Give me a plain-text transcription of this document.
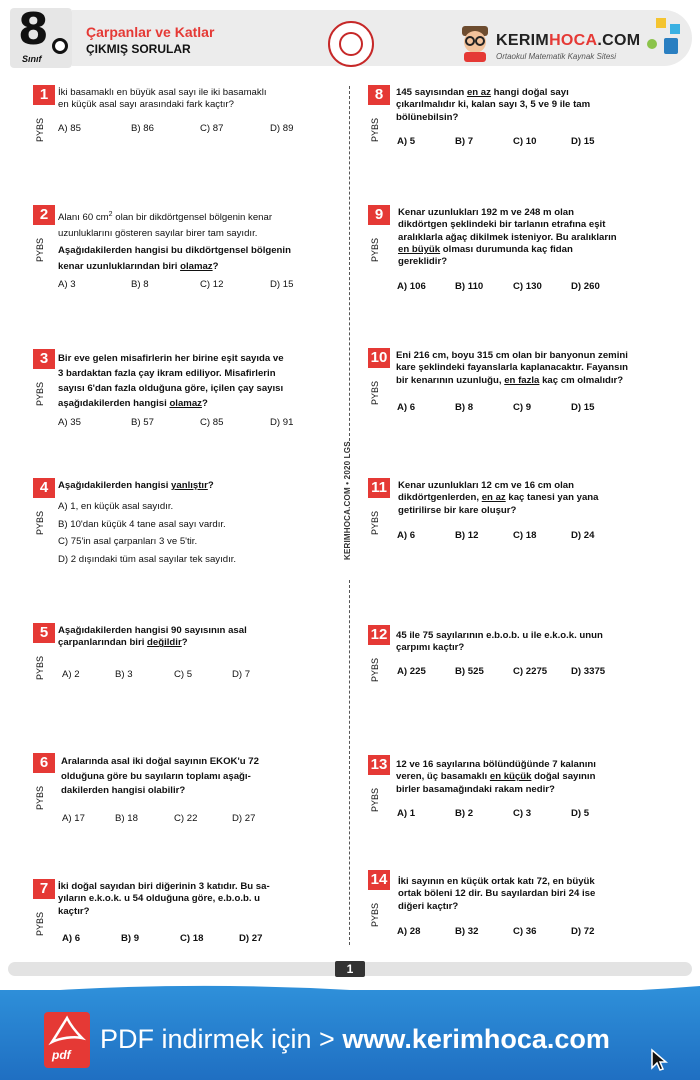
8
Sınıf
Çarpanlar ve Katlar
ÇIKMIŞ SORULAR	KERIMHOCA.COM
Ortaokul Matematik Kaynak Sitesi
KERIMHOCA.COM • 2020 LGS
1
PYBS
İki basamaklı en büyük asal sayı ile iki basamaklı
en küçük asal sayı arasındaki fark kaçtır?
A) 85	B) 86	C) 87	D) 89
2
PYBS
Alanı 60 $cm^2$ olan bir dikdörtgensel bölgenin kenar
uzunluklarını gösteren sayılar birer tam sayıdır.
Aşağıdakilerden hangisi bu dikdörtgensel bölgenin
kenar uzunluklarından biri olamaz?
A) 3	B) 8	C) 12	D) 15
3
PYBS
Bir eve gelen misafirlerin her birine eşit sayıda ve
3 bardaktan fazla çay ikram ediliyor. Misafirlerin
sayısı 6'dan fazla olduğuna göre, içilen çay sayısı
aşağıdakilerden hangisi olamaz?
A) 35	B) 57	C) 85	D) 91
4
PYBS
Aşağıdakilerden hangisi yanlıştır?
A) 1, en küçük asal sayıdır.
B) 10'dan küçük 4 tane asal sayı vardır.
C) 75'in asal çarpanları 3 ve 5'tir.
D) 2 dışındaki tüm asal sayılar tek sayıdır.
5
PYBS
Aşağıdakilerden hangisi 90 sayısının asal
çarpanlarından biri değildir?
A) 2	B) 3	C) 5	D) 7
6
PYBS
Aralarında asal iki doğal sayının EKOK'u 72
olduğuna göre bu sayıların toplamı aşağı-
dakilerden hangisi olabilir?
A) 17	B) 18	C) 22	D) 27
7
PYBS
İki doğal sayıdan biri diğerinin 3 katıdır. Bu sa-
yıların e.k.o.k. u 54 olduğuna göre, e.b.o.b. u
kaçtır?
A) 6	B) 9	C) 18	D) 27
8
PYBS
145 sayısından en az hangi doğal sayı
çıkarılmalıdır ki, kalan sayı 3, 5 ve 9 ile tam
bölünebilsin?
A) 5	B) 7	C) 10	D) 15
9
PYBS
Kenar uzunlukları 192 m ve 248 m olan
dikdörtgen şeklindeki bir tarlanın etrafına eşit
aralıklarla ağaç dikilmek isteniyor. Bu aralıkların
en büyük olması durumunda kaç fidan
gereklidir?
A) 106	B) 110	C) 130	D) 260
10
PYBS
Eni 216 cm, boyu 315 cm olan bir banyonun zemini
kare şeklindeki fayanslarla kaplanacaktır. Fayansın
bir kenarının uzunluğu, en fazla kaç cm olmalıdır?
A) 6	B) 8	C) 9	D) 15
11
PYBS
Kenar uzunlukları 12 cm ve 16 cm olan
dikdörtgenlerden, en az kaç tanesi yan yana
getirilirse bir kare oluşur?
A) 6	B) 12	C) 18	D) 24
12
PYBS
45 ile 75 sayılarının e.b.o.b. u ile e.k.o.k. unun
çarpımı kaçtır?
A) 225	B) 525	C) 2275 D) 3375
13
PYBS
12 ve 16 sayılarına bölündüğünde 7 kalanını
veren, üç basamaklı en küçük doğal sayının
birler basamağındaki rakam nedir?
A) 1	B) 2	C) 3	D) 5
14
PYBS
İki sayının en küçük ortak katı 72, en büyük
ortak böleni 12 dir. Bu sayılardan biri 24 ise
diğeri kaçtır?
A) 28	B) 32	C) 36	D) 72
1
pdf
PDF indirmek için > www.kerimhoca.com
